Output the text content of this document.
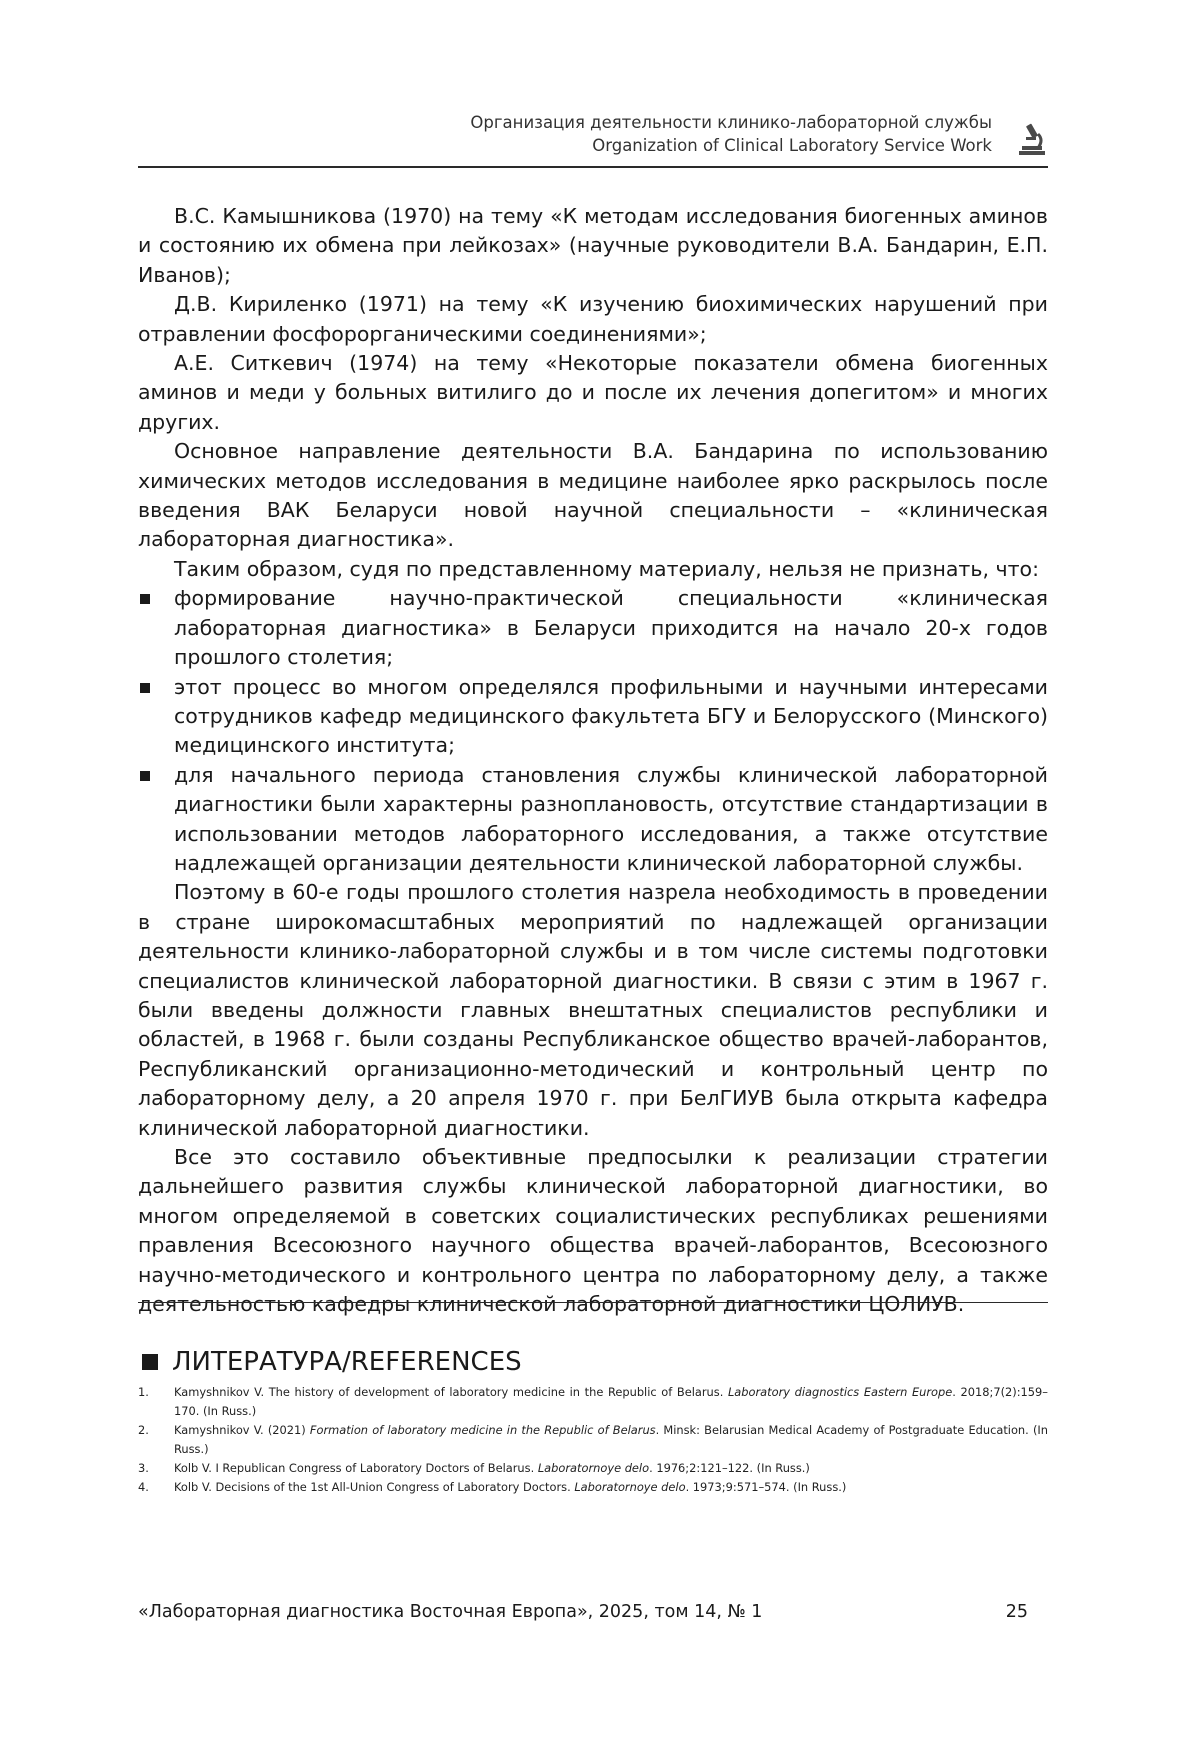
Организация деятельности клинико-лабораторной службы
Organization of Clinical Laboratory Service Work

В.С. Камышникова (1970) на тему «К методам исследования биогенных аминов и состоянию их обмена при лейкозах» (научные руководители В.А. Бандарин, Е.П. Иванов);

Д.В. Кириленко (1971) на тему «К изучению биохимических нарушений при отравлении фосфорорганическими соединениями»;

А.Е. Ситкевич (1974) на тему «Некоторые показатели обмена биогенных аминов и меди у больных витилиго до и после их лечения допегитом» и многих других.

Основное направление деятельности В.А. Бандарина по использованию химических методов исследования в медицине наиболее ярко раскрылось после введения ВАК Беларуси новой научной специальности – «клиническая лабораторная диагностика».

Таким образом, судя по представленному материалу, нельзя не признать, что:

формирование научно-практической специальности «клиническая лабораторная диагностика» в Беларуси приходится на начало 20-х годов прошлого столетия;
этот процесс во многом определялся профильными и научными интересами сотрудников кафедр медицинского факультета БГУ и Белорусского (Минского) медицинского института;
для начального периода становления службы клинической лабораторной диагностики были характерны разноплановость, отсутствие стандартизации в использовании методов лабораторного исследования, а также отсутствие надлежащей организации деятельности клинической лабораторной службы.

Поэтому в 60-е годы прошлого столетия назрела необходимость в проведении в стране широкомасштабных мероприятий по надлежащей организации деятельности клинико-лабораторной службы и в том числе системы подготовки специалистов клинической лабораторной диагностики. В связи с этим в 1967 г. были введены должности главных внештатных специалистов республики и областей, в 1968 г. были созданы Республиканское общество врачей-лаборантов, Республиканский организационно-методический и контрольный центр по лабораторному делу, а 20 апреля 1970 г. при БелГИУВ была открыта кафедра клинической лабораторной диагностики.

Все это составило объективные предпосылки к реализации стратегии дальнейшего развития службы клинической лабораторной диагностики, во многом определяемой в советских социалистических республиках решениями правления Всесоюзного научного общества врачей-лаборантов, Всесоюзного научно-методического и контрольного центра по лабораторному делу, а также деятельностью кафедры клинической лабораторной диагностики ЦОЛИУВ.

ЛИТЕРАТУРА/REFERENCES
1. Kamyshnikov V. The history of development of laboratory medicine in the Republic of Belarus. Laboratory diagnostics Eastern Europe. 2018;7(2):159–170. (In Russ.)
2. Kamyshnikov V. (2021) Formation of laboratory medicine in the Republic of Belarus. Minsk: Belarusian Medical Academy of Postgraduate Education. (In Russ.)
3. Kolb V. I Republican Congress of Laboratory Doctors of Belarus. Laboratornoye delo. 1976;2:121–122. (In Russ.)
4. Kolb V. Decisions of the 1st All-Union Congress of Laboratory Doctors. Laboratornoye delo. 1973;9:571–574. (In Russ.)
«Лабораторная диагностика Восточная Европа», 2025, том 14, № 1	25
